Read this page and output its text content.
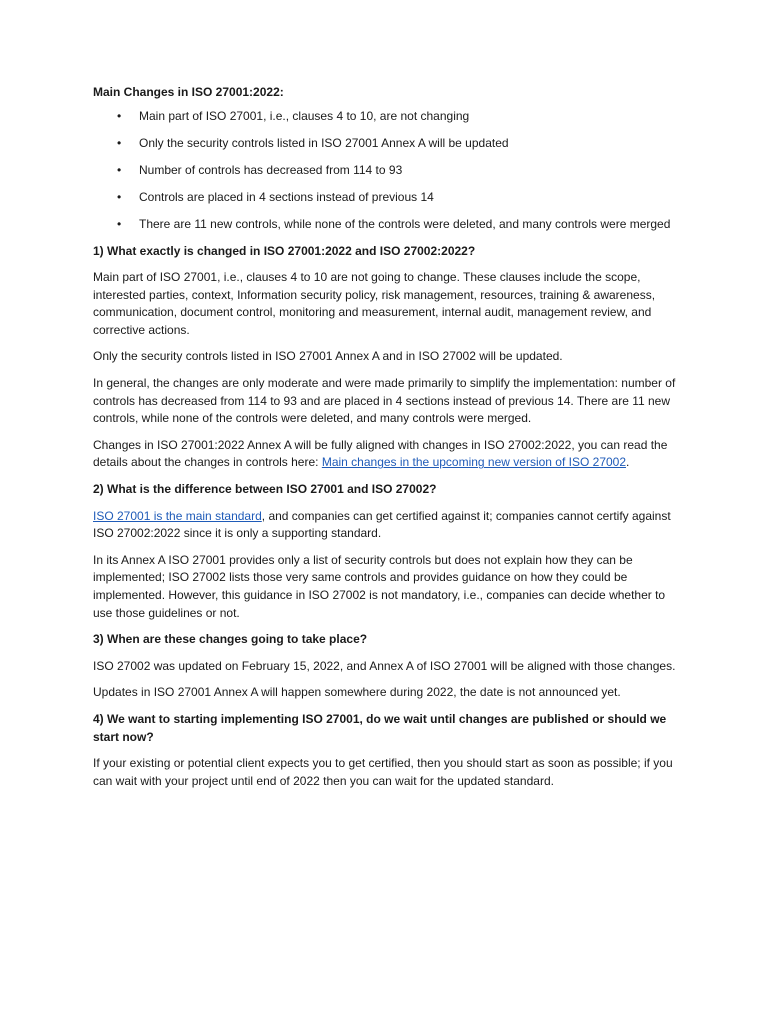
Main Changes in ISO 27001:2022:

• Main part of ISO 27001, i.e., clauses 4 to 10, are not changing
• Only the security controls listed in ISO 27001 Annex A will be updated
• Number of controls has decreased from 114 to 93
• Controls are placed in 4 sections instead of previous 14
• There are 11 new controls, while none of the controls were deleted, and many controls were merged

1) What exactly is changed in ISO 27001:2022 and ISO 27002:2022?

Main part of ISO 27001, i.e., clauses 4 to 10 are not going to change. These clauses include the scope, interested parties, context, Information security policy, risk management, resources, training & awareness, communication, document control, monitoring and measurement, internal audit, management review, and corrective actions.

Only the security controls listed in ISO 27001 Annex A and in ISO 27002 will be updated.

In general, the changes are only moderate and were made primarily to simplify the implementation: number of controls has decreased from 114 to 93 and are placed in 4 sections instead of previous 14. There are 11 new controls, while none of the controls were deleted, and many controls were merged.

Changes in ISO 27001:2022 Annex A will be fully aligned with changes in ISO 27002:2022, you can read the details about the changes in controls here: Main changes in the upcoming new version of ISO 27002.

2) What is the difference between ISO 27001 and ISO 27002?

ISO 27001 is the main standard, and companies can get certified against it; companies cannot certify against ISO 27002:2022 since it is only a supporting standard.

In its Annex A ISO 27001 provides only a list of security controls but does not explain how they can be implemented; ISO 27002 lists those very same controls and provides guidance on how they could be implemented. However, this guidance in ISO 27002 is not mandatory, i.e., companies can decide whether to use those guidelines or not.

3) When are these changes going to take place?

ISO 27002 was updated on February 15, 2022, and Annex A of ISO 27001 will be aligned with those changes.

Updates in ISO 27001 Annex A will happen somewhere during 2022, the date is not announced yet.

4) We want to starting implementing ISO 27001, do we wait until changes are published or should we start now?

If your existing or potential client expects you to get certified, then you should start as soon as possible; if you can wait with your project until end of 2022 then you can wait for the updated standard.
